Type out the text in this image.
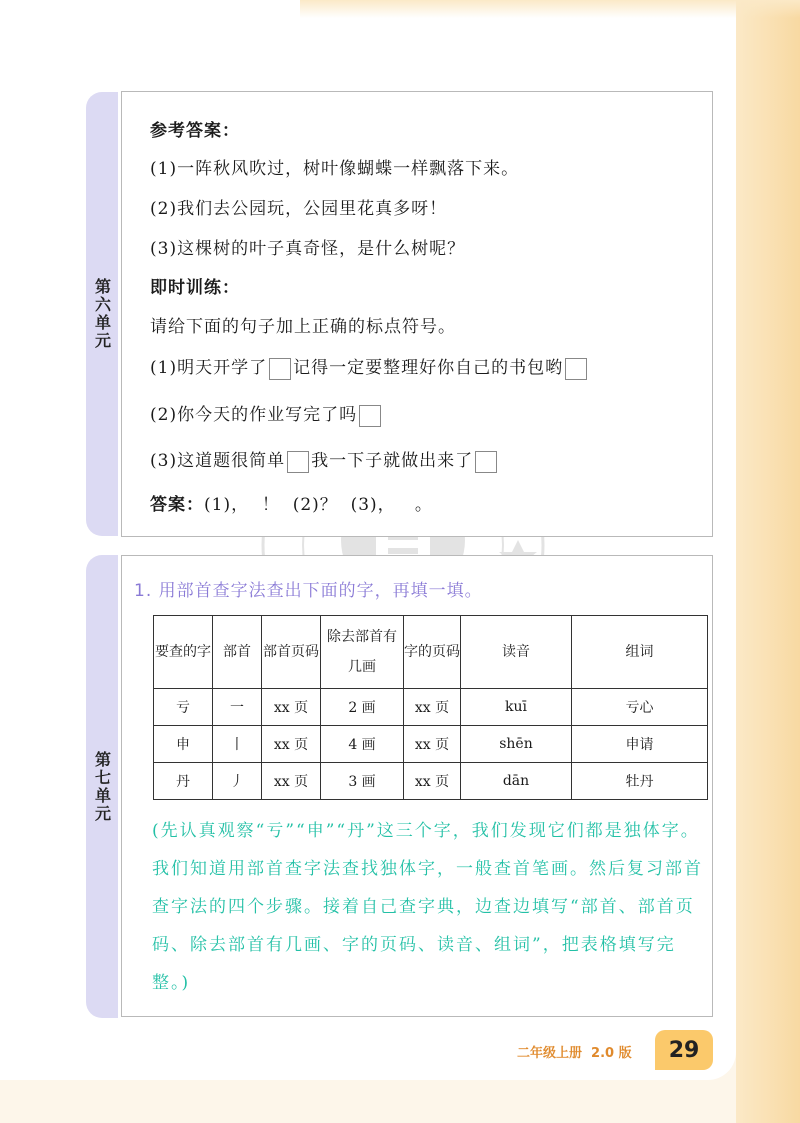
第六单元
参考答案：
(1)一阵秋风吹过，树叶像蝴蝶一样飘落下来。
(2)我们去公园玩，公园里花真多呀！
(3)这棵树的叶子真奇怪，是什么树呢？
即时训练：
请给下面的句子加上正确的标点符号。
(1)明天开学了 记得一定要整理好你自己的书包哟
(2)你今天的作业写完了吗
(3)这道题很简单 我一下子就做出来了
答案：(1)，  ！  (2)？  (3)，   。
第七单元
1. 用部首查字法查出下面的字，再填一填。
要查的字	部首	部首页码	除去部首有几画	字的页码	读音	组词
亏	一	xx 页	2 画	xx 页	kuī	亏心
申	丨	xx 页	4 画	xx 页	shēn	申请
丹	丿	xx 页	3 画	xx 页	dān	牡丹
(先认真观察“亏”“申”“丹”这三个字，我们发现它们都是独体字。我们知道用部首查字法查找独体字，一般查首笔画。然后复习部首查字法的四个步骤。接着自己查字典，边查边填写“部首、部首页码、除去部首有几画、字的页码、读音、组词”，把表格填写完整。)
二年级上册  2.0 版	29
